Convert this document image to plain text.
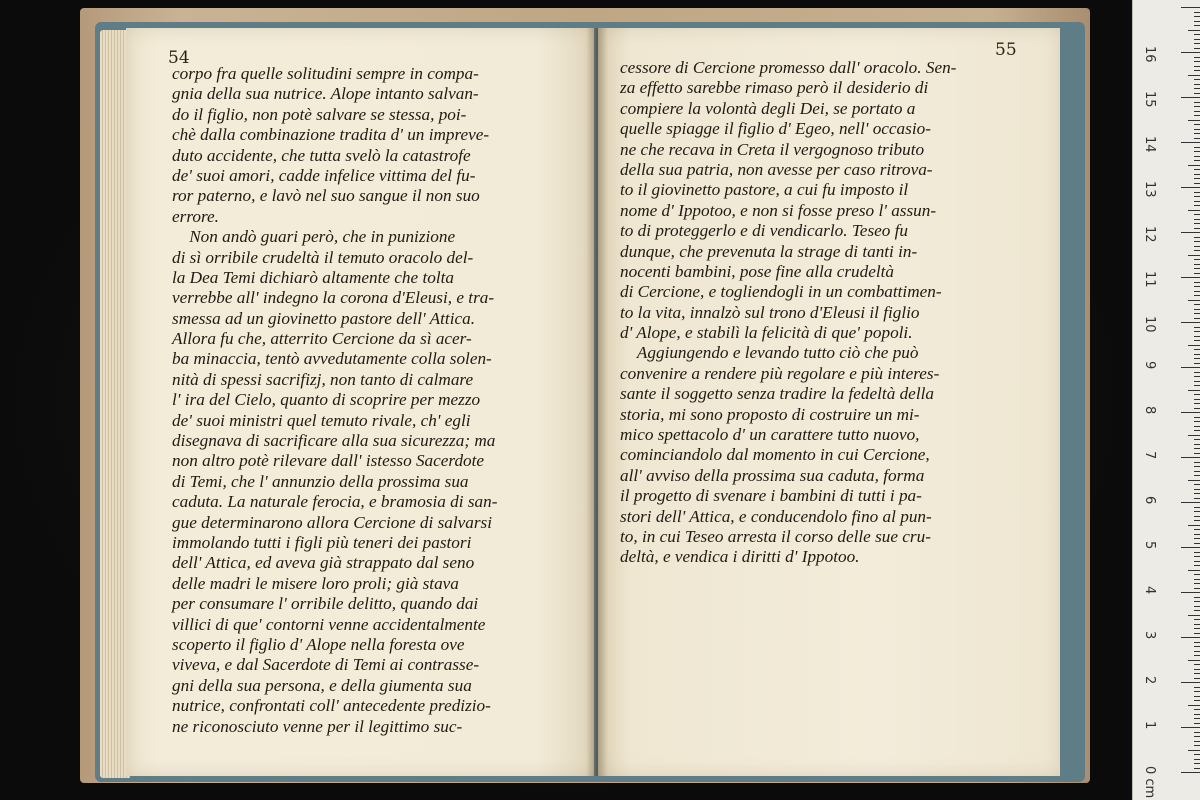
54	55
corpo fra quelle solitudini sempre in compa-
gnia della sua nutrice. Alope intanto salvan-
do il figlio, non potè salvare se stessa, poi-
chè dalla combinazione tradita d' un impreve-
duto accidente, che tutta svelò la catastrofe
de' suoi amori, cadde infelice vittima del fu-
ror paterno, e lavò nel suo sangue il non suo
errore.
Non andò guari però, che in punizione
di sì orribile crudeltà il temuto oracolo del-
la Dea Temi dichiarò altamente che tolta
verrebbe all' indegno la corona d'Eleusi, e tra-
smessa ad un giovinetto pastore dell' Attica.
Allora fu che, atterrito Cercione da sì acer-
ba minaccia, tentò avvedutamente colla solen-
nità di spessi sacrifizj, non tanto di calmare
l' ira del Cielo, quanto di scoprire per mezzo
de' suoi ministri quel temuto rivale, ch' egli
disegnava di sacrificare alla sua sicurezza; ma
non altro potè rilevare dall' istesso Sacerdote
di Temi, che l' annunzio della prossima sua
caduta. La naturale ferocia, e bramosia di san-
gue determinarono allora Cercione di salvarsi
immolando tutti i figli più teneri dei pastori
dell' Attica, ed aveva già strappato dal seno
delle madri le misere loro proli; già stava
per consumare l' orribile delitto, quando dai
villici di que' contorni venne accidentalmente
scoperto il figlio d' Alope nella foresta ove
viveva, e dal Sacerdote di Temi ai contrasse-
gni della sua persona, e della giumenta sua
nutrice, confrontati coll' antecedente predizio-
ne riconosciuto venne per il legittimo suc-
cessore di Cercione promesso dall' oracolo. Sen-
za effetto sarebbe rimaso però il desiderio di
compiere la volontà degli Dei, se portato a
quelle spiagge il figlio d' Egeo, nell' occasio-
ne che recava in Creta il vergognoso tributo
della sua patria, non avesse per caso ritrova-
to il giovinetto pastore, a cui fu imposto il
nome d' Ippotoo, e non si fosse preso l' assun-
to di proteggerlo e di vendicarlo. Teseo fu
dunque, che prevenuta la strage di tanti in-
nocenti bambini, pose fine alla crudeltà
di Cercione, e togliendogli in un combattimen-
to la vita, innalzò sul trono d'Eleusi il figlio
d' Alope, e stabilì la felicità di que' popoli.
Aggiungendo e levando tutto ciò che può
convenire a rendere più regolare e più interes-
sante il soggetto senza tradire la fedeltà della
storia, mi sono proposto di costruire un mi-
mico spettacolo d' un carattere tutto nuovo,
cominciandolo dal momento in cui Cercione,
all' avviso della prossima sua caduta, forma
il progetto di svenare i bambini di tutti i pa-
stori dell' Attica, e conducendolo fino al pun-
to, in cui Teseo arresta il corso delle sue cru-
deltà, e vendica i diritti d' Ippotoo.
0 cm
1
2
3
4
5
6
7
8
9
10
11
12
13
14
15
16
